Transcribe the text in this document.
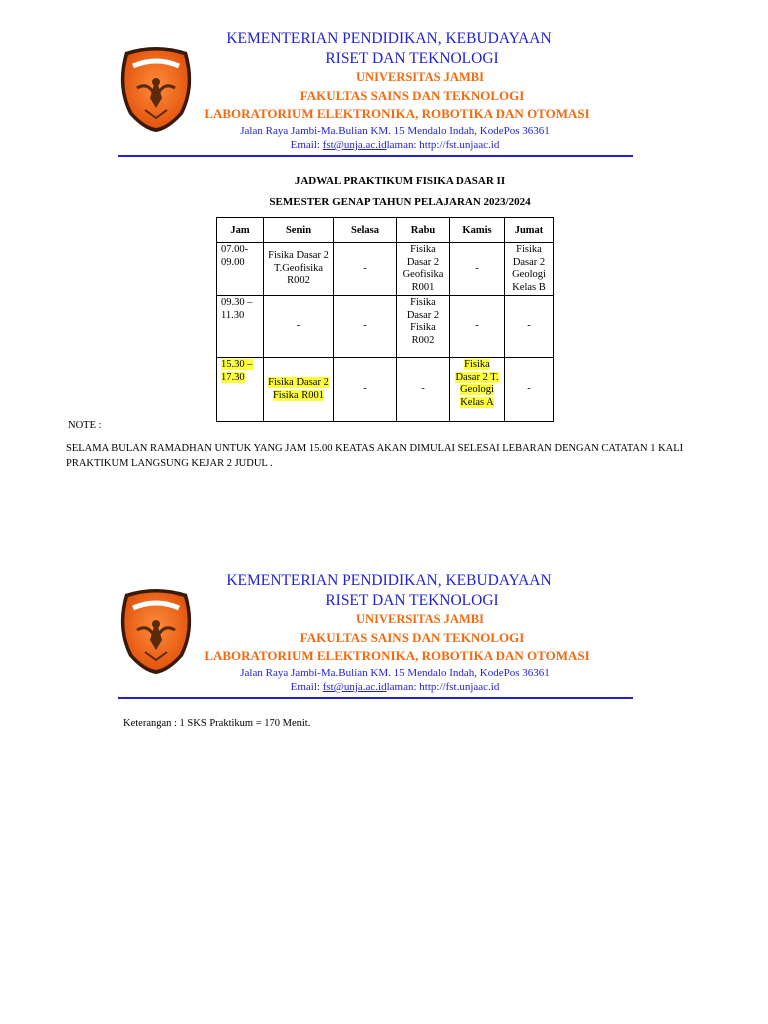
KEMENTERIAN PENDIDIKAN, KEBUDAYAAN
RISET DAN TEKNOLOGI
UNIVERSITAS JAMBI
FAKULTAS SAINS DAN TEKNOLOGI
LABORATORIUM ELEKTRONIKA, ROBOTIKA DAN OTOMASI
Jalan Raya Jambi-Ma.Bulian KM. 15 Mendalo Indah, KodePos 36361
Email: fst@unja.ac.idlaman: http://fst.unjaac.id
JADWAL PRAKTIKUM FISIKA DASAR II
SEMESTER GENAP TAHUN PELAJARAN 2023/2024
Jam	Senin	Selasa	Rabu	Kamis	Jumat

07.00-09.00	Fisika Dasar 2 T.Geofisika R002	-	Fisika Dasar 2 Geofisika R001	-	Fisika Dasar 2 Geologi Kelas B

09.30 – 11.30	-	-	Fisika Dasar 2 Fisika R002	-	-

15.30 – 17.30	Fisika Dasar 2 Fisika R001	-	-	Fisika Dasar 2 T. Geologi Kelas A	-
NOTE :
SELAMA BULAN RAMADHAN UNTUK YANG JAM 15.00 KEATAS AKAN DIMULAI SELESAI LEBARAN DENGAN CATATAN 1 KALI PRAKTIKUM LANGSUNG KEJAR 2 JUDUL .
KEMENTERIAN PENDIDIKAN, KEBUDAYAAN
RISET DAN TEKNOLOGI
UNIVERSITAS JAMBI
FAKULTAS SAINS DAN TEKNOLOGI
LABORATORIUM ELEKTRONIKA, ROBOTIKA DAN OTOMASI
Jalan Raya Jambi-Ma.Bulian KM. 15 Mendalo Indah, KodePos 36361
Email: fst@unja.ac.idlaman: http://fst.unjaac.id
Keterangan : 1 SKS Praktikum = 170 Menit.
